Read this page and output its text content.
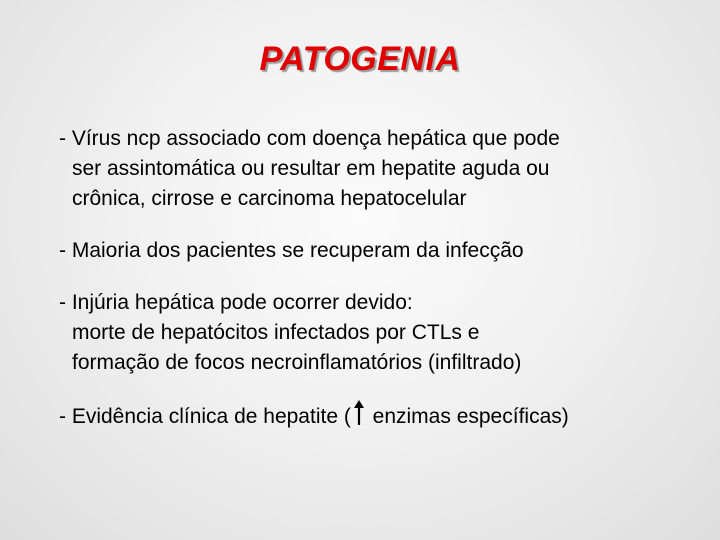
PATOGENIA
- Vírus ncp associado com doença hepática que pode
ser assintomática ou resultar em hepatite aguda ou
crônica, cirrose e carcinoma hepatocelular
- Maioria dos pacientes se recuperam da infecção
- Injúria hepática pode ocorrer devido:
morte de hepatócitos infectados por CTLs e
formação de focos necroinflamatórios (infiltrado)
- Evidência clínica de hepatite ( enzimas específicas)
